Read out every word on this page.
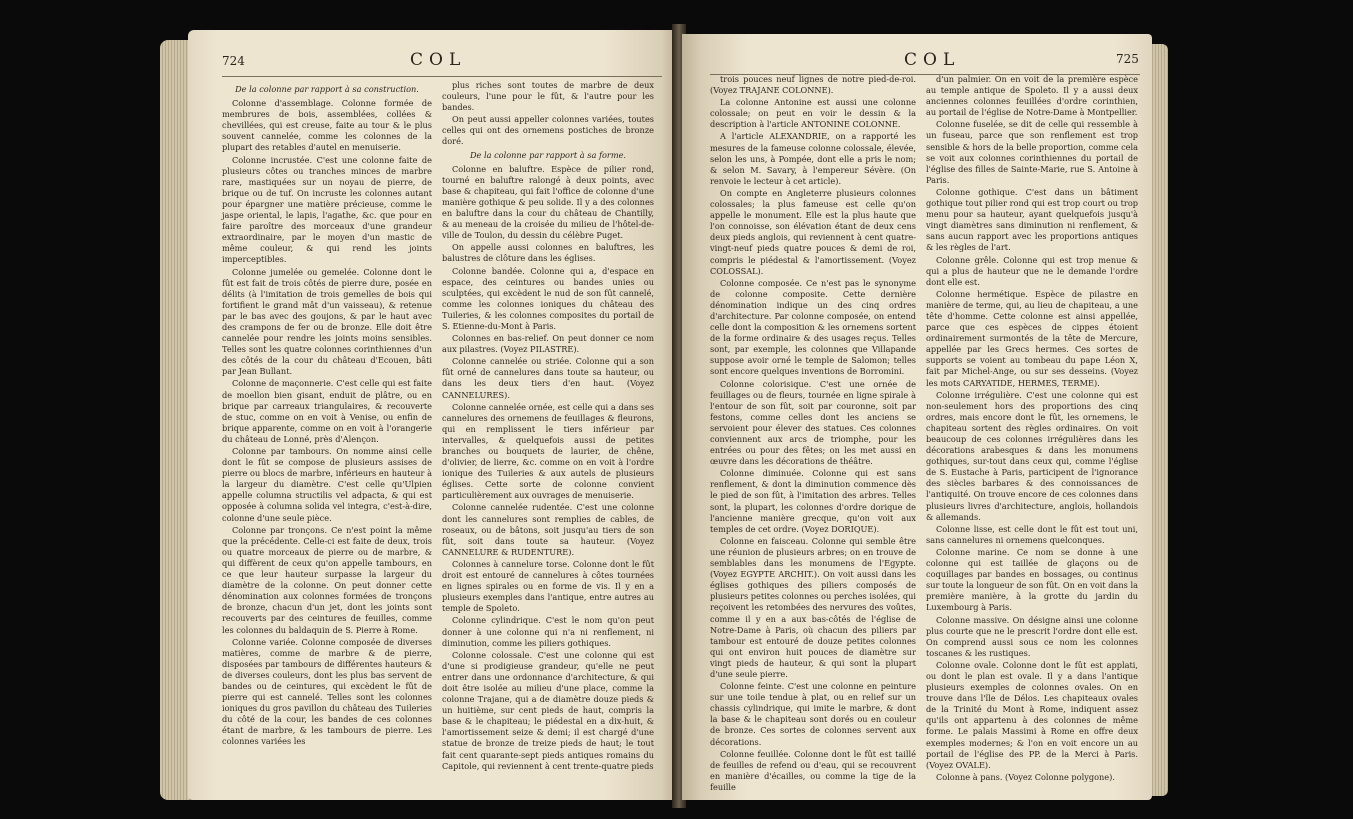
724	COL

De la colonne par rapport à sa construction.

Colonne d'assemblage. Colonne formée de membrures de bois, assemblées, collées & chevillées, qui est creuse, faite au tour & le plus souvent cannelée, comme les colonnes de la plupart des retables d'autel en menuiserie.

Colonne incrustée. C'est une colonne faite de plusieurs côtes ou tranches minces de marbre rare, mastiquées sur un noyau de pierre, de brique ou de tuf. On incruste les colonnes autant pour épargner une matière précieuse, comme le jaspe oriental, le lapis, l'agathe, &c. que pour en faire paroître des morceaux d'une grandeur extraordinaire, par le moyen d'un mastic de même couleur, & qui rend les joints imperceptibles.

Colonne jumelée ou gemelée. Colonne dont le fût est fait de trois côtés de pierre dure, posée en délits (à l'imitation de trois gemelles de bois qui fortifient le grand mât d'un vaisseau), & retenue par le bas avec des goujons, & par le haut avec des crampons de fer ou de bronze. Elle doit être cannelée pour rendre les joints moins sensibles. Telles sont les quatre colonnes corinthiennes d'un des côtés de la cour du château d'Ecouen, bâti par Jean Bullant.

Colonne de maçonnerie. C'est celle qui est faite de moellon bien gisant, enduit de plâtre, ou en brique par carreaux triangulaires, & recouverte de stuc, comme on en voit à Venise, ou enfin de brique apparente, comme on en voit à l'orangerie du château de Lonné, près d'Alençon.

Colonne par tambours. On nomme ainsi celle dont le fût se compose de plusieurs assises de pierre ou blocs de marbre, inférieurs en hauteur à la largeur du diamètre. C'est celle qu'Ulpien appelle columna structilis vel adpacta, & qui est opposée à columna solida vel integra, c'est-à-dire, colonne d'une seule pièce.

Colonne par tronçons. Ce n'est point la même que la précédente. Celle-ci est faite de deux, trois ou quatre morceaux de pierre ou de marbre, & qui diffèrent de ceux qu'on appelle tambours, en ce que leur hauteur surpasse la largeur du diamètre de la colonne. On peut donner cette dénomination aux colonnes formées de tronçons de bronze, chacun d'un jet, dont les joints sont recouverts par des ceintures de feuilles, comme les colonnes du baldaquin de S. Pierre à Rome.

Colonne variée. Colonne composée de diverses matières, comme de marbre & de pierre, disposées par tambours de différentes hauteurs & de diverses couleurs, dont les plus bas servent de bandes ou de ceintures, qui excèdent le fût de pierre qui est cannelé. Telles sont les colonnes ioniques du gros pavillon du château des Tuileries du côté de la cour, les bandes de ces colonnes étant de marbre, & les tambours de pierre. Les colonnes variées les

plus riches sont toutes de marbre de deux couleurs, l'une pour le fût, & l'autre pour les bandes.

On peut aussi appeller colonnes variées, toutes celles qui ont des ornemens postiches de bronze doré.

De la colonne par rapport à sa forme.

Colonne en baluftre. Espèce de pilier rond, tourné en baluftre ralongé à deux points, avec base & chapiteau, qui fait l'office de colonne d'une manière gothique & peu solide. Il y a des colonnes en baluftre dans la cour du château de Chantilly, & au meneau de la croisée du milieu de l'hôtel-de-ville de Toulon, du dessin du célèbre Puget.

On appelle aussi colonnes en baluftres, les balustres de clôture dans les églises.

Colonne bandée. Colonne qui a, d'espace en espace, des ceintures ou bandes unies ou sculptées, qui excèdent le nud de son fût cannelé, comme les colonnes ioniques du château des Tuileries, & les colonnes composites du portail de S. Etienne-du-Mont à Paris.

Colonnes en bas-relief. On peut donner ce nom aux pilastres. (Voyez PILASTRE).

Colonne cannelée ou striée. Colonne qui a son fût orné de cannelures dans toute sa hauteur, ou dans les deux tiers d'en haut. (Voyez CANNELURES).

Colonne cannelée ornée, est celle qui a dans ses cannelures des ornemens de feuillages & fleurons, qui en remplissent le tiers inférieur par intervalles, & quelquefois aussi de petites branches ou bouquets de laurier, de chêne, d'olivier, de lierre, &c. comme on en voit à l'ordre ionique des Tuileries & aux autels de plusieurs églises. Cette sorte de colonne convient particulièrement aux ouvrages de menuiserie.

Colonne cannelée rudentée. C'est une colonne dont les cannelures sont remplies de cables, de roseaux, ou de bâtons, soit jusqu'au tiers de son fût, soit dans toute sa hauteur. (Voyez CANNELURE & RUDENTURE).

Colonnes à cannelure torse. Colonne dont le fût droit est entouré de cannelures à côtes tournées en lignes spirales ou en forme de vis. Il y en a plusieurs exemples dans l'antique, entre autres au temple de Spoleto.

Colonne cylindrique. C'est le nom qu'on peut donner à une colonne qui n'a ni renflement, ni diminution, comme les piliers gothiques.

Colonne colossale. C'est une colonne qui est d'une si prodigieuse grandeur, qu'elle ne peut entrer dans une ordonnance d'architecture, & qui doit être isolée au milieu d'une place, comme la colonne Trajane, qui a de diamètre douze pieds & un huitième, sur cent pieds de haut, compris la base & le chapiteau; le piédestal en a dix-huit, & l'amortissement seize & demi; il est chargé d'une statue de bronze de treize pieds de haut; le tout fait cent quarante-sept pieds antiques romains du Capitole, qui reviennent à cent trente-quatre pieds

COL	725

trois pouces neuf lignes de notre pied-de-roi. (Voyez TRAJANE COLONNE).

La colonne Antonine est aussi une colonne colossale; on peut en voir le dessin & la description à l'article ANTONINE COLONNE.

A l'article ALEXANDRIE, on a rapporté les mesures de la fameuse colonne colossale, élevée, selon les uns, à Pompée, dont elle a pris le nom; & selon M. Savary, à l'empereur Sévère. (On renvoie le lecteur à cet article).

On compte en Angleterre plusieurs colonnes colossales; la plus fameuse est celle qu'on appelle le monument. Elle est la plus haute que l'on connoisse, son élévation étant de deux cens deux pieds anglois, qui reviennent à cent quatre-vingt-neuf pieds quatre pouces & demi de roi, compris le piédestal & l'amortissement. (Voyez COLOSSAL).

Colonne composée. Ce n'est pas le synonyme de colonne composite. Cette dernière dénomination indique un des cinq ordres d'architecture. Par colonne composée, on entend celle dont la composition & les ornemens sortent de la forme ordinaire & des usages reçus. Telles sont, par exemple, les colonnes que Villapande suppose avoir orné le temple de Salomon; telles sont encore quelques inventions de Borromini.

Colonne colorisique. C'est une ornée de feuillages ou de fleurs, tournée en ligne spirale à l'entour de son fût, soit par couronne, soit par festons, comme celles dont les anciens se servoient pour élever des statues. Ces colonnes conviennent aux arcs de triomphe, pour les entrées ou pour des fêtes; on les met aussi en œuvre dans les décorations de théâtre.

Colonne diminuée. Colonne qui est sans renflement, & dont la diminution commence dès le pied de son fût, à l'imitation des arbres. Telles sont, la plupart, les colonnes d'ordre dorique de l'ancienne manière grecque, qu'on voit aux temples de cet ordre. (Voyez DORIQUE).

Colonne en faisceau. Colonne qui semble être une réunion de plusieurs arbres; on en trouve de semblables dans les monumens de l'Egypte. (Voyez EGYPTE ARCHIT.). On voit aussi dans les églises gothiques des piliers composés de plusieurs petites colonnes ou perches isolées, qui reçoivent les retombées des nervures des voûtes, comme il y en a aux bas-côtés de l'église de Notre-Dame à Paris, où chacun des piliers par tambour est entouré de douze petites colonnes qui ont environ huit pouces de diamètre sur vingt pieds de hauteur, & qui sont la plupart d'une seule pierre.

Colonne feinte. C'est une colonne en peinture sur une toile tendue à plat, ou en relief sur un chassis cylindrique, qui imite le marbre, & dont la base & le chapiteau sont dorés ou en couleur de bronze. Ces sortes de colonnes servent aux décorations.

Colonne feuillée. Colonne dont le fût est taillé de feuilles de refend ou d'eau, qui se recouvrent en manière d'écailles, ou comme la tige de la feuille

d'un palmier. On en voit de la première espèce au temple antique de Spoleto. Il y a aussi deux anciennes colonnes feuillées d'ordre corinthien, au portail de l'église de Notre-Dame à Montpellier.

Colonne fuselée, se dit de celle qui ressemble à un fuseau, parce que son renflement est trop sensible & hors de la belle proportion, comme cela se voit aux colonnes corinthiennes du portail de l'église des filles de Sainte-Marie, rue S. Antoine à Paris.

Colonne gothique. C'est dans un bâtiment gothique tout pilier rond qui est trop court ou trop menu pour sa hauteur, ayant quelquefois jusqu'à vingt diamètres sans diminution ni renflement, & sans aucun rapport avec les proportions antiques & les règles de l'art.

Colonne grêle. Colonne qui est trop menue & qui a plus de hauteur que ne le demande l'ordre dont elle est.

Colonne hermétique. Espèce de pilastre en manière de terme, qui, au lieu de chapiteau, a une tête d'homme. Cette colonne est ainsi appellée, parce que ces espèces de cippes étoient ordinairement surmontés de la tête de Mercure, appellée par les Grecs hermes. Ces sortes de supports se voient au tombeau du pape Léon X, fait par Michel-Ange, ou sur ses desseins. (Voyez les mots CARYATIDE, HERMES, TERME).

Colonne irrégulière. C'est une colonne qui est non-seulement hors des proportions des cinq ordres, mais encore dont le fût, les ornemens, le chapiteau sortent des règles ordinaires. On voit beaucoup de ces colonnes irrégulières dans les décorations arabesques & dans les monumens gothiques, sur-tout dans ceux qui, comme l'église de S. Eustache à Paris, participent de l'ignorance des siècles barbares & des connoissances de l'antiquité. On trouve encore de ces colonnes dans plusieurs livres d'architecture, anglois, hollandois & allemands.

Colonne lisse, est celle dont le fût est tout uni, sans cannelures ni ornemens quelconques.

Colonne marine. Ce nom se donne à une colonne qui est taillée de glaçons ou de coquillages par bandes en bossages, ou continus sur toute la longueur de son fût. On en voit dans la première manière, à la grotte du jardin du Luxembourg à Paris.

Colonne massive. On désigne ainsi une colonne plus courte que ne le prescrit l'ordre dont elle est. On comprend aussi sous ce nom les colonnes toscanes & les rustiques.

Colonne ovale. Colonne dont le fût est applati, ou dont le plan est ovale. Il y a dans l'antique plusieurs exemples de colonnes ovales. On en trouve dans l'île de Délos. Les chapiteaux ovales de la Trinité du Mont à Rome, indiquent assez qu'ils ont appartenu à des colonnes de même forme. Le palais Massimi à Rome en offre deux exemples modernes; & l'on en voit encore un au portail de l'église des PP. de la Merci à Paris. (Voyez OVALE).

Colonne à pans. (Voyez Colonne polygone).
